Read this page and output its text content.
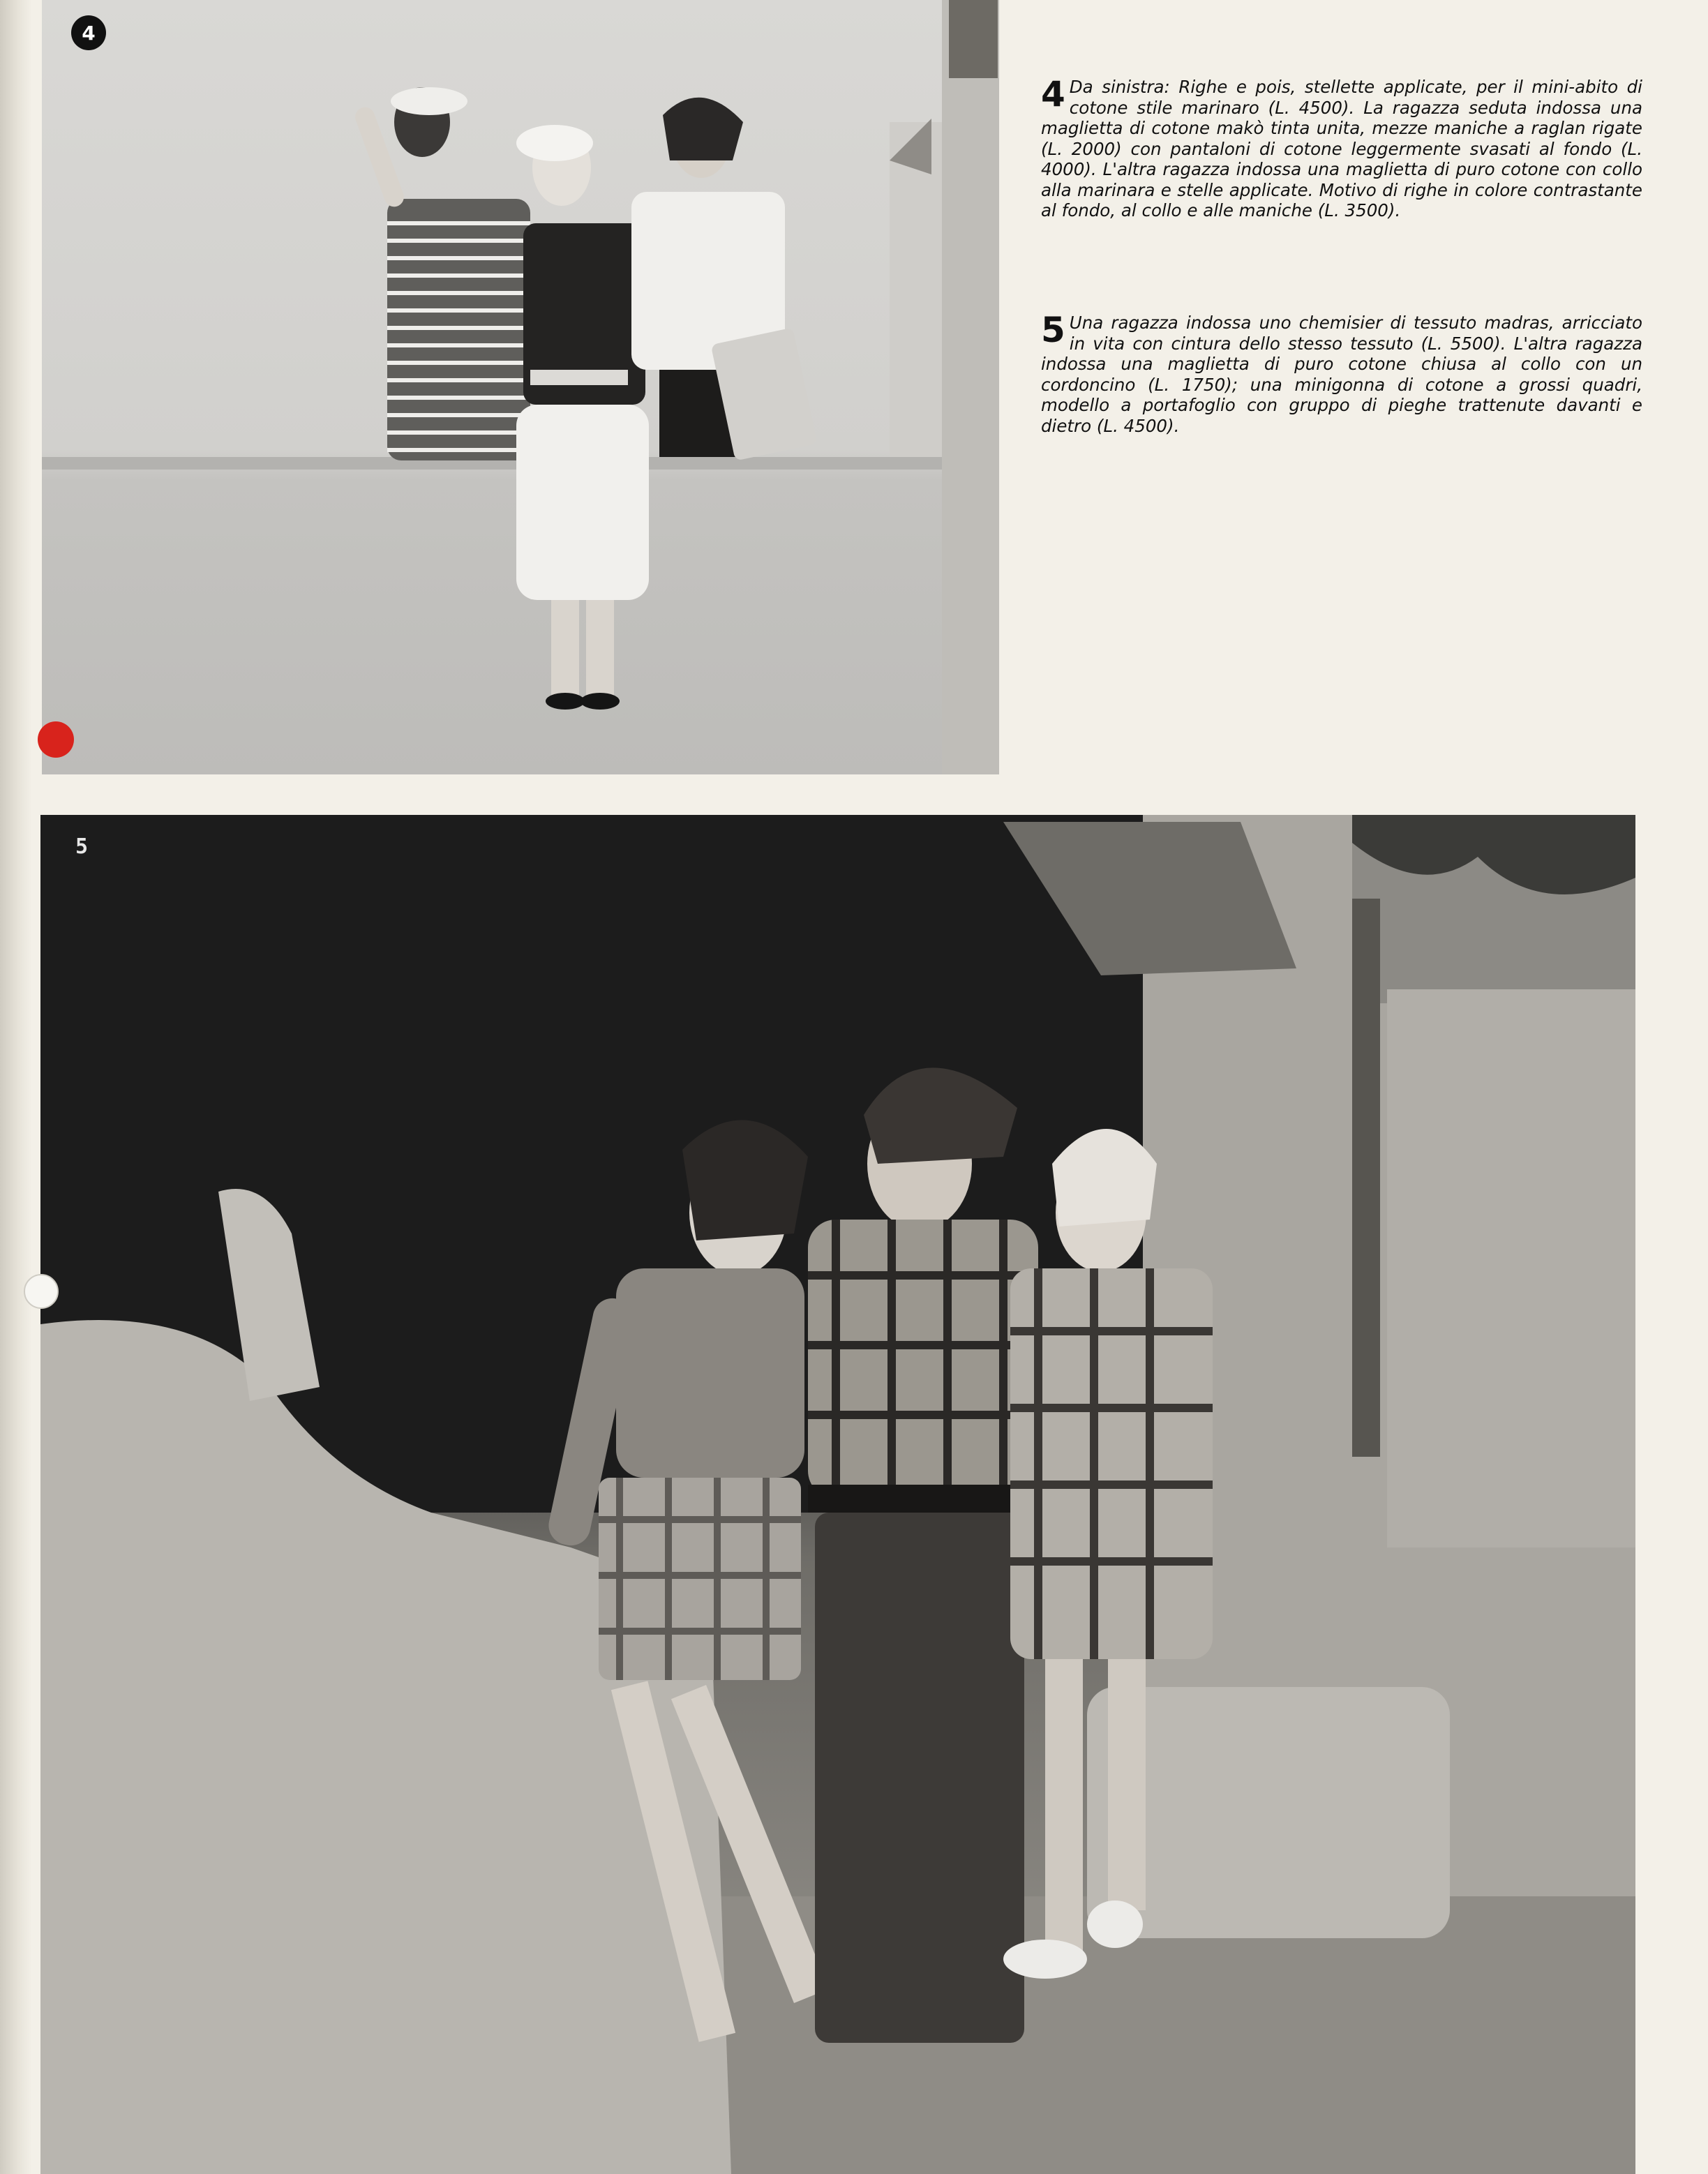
4

4 Da sinistra: Righe e pois, stellette applicate, per il mini-abito di cotone stile marinaro (L. 4500). La ragazza seduta indossa una maglietta di cotone makò tinta unita, mezze maniche a raglan rigate (L. 2000) con pantaloni di cotone leggermente svasati al fondo (L. 4000). L'altra ragazza indossa una maglietta di puro cotone con collo alla marinara e stelle applicate. Motivo di righe in colore contrastante al fondo, al collo e alle maniche (L. 3500).

5 Una ragazza indossa uno chemisier di tessuto madras, arricciato in vita con cintura dello stesso tessuto (L. 5500). L'altra ragazza indossa una maglietta di puro cotone chiusa al collo con un cordoncino (L. 1750); una minigonna di cotone a grossi quadri, modello a portafoglio con gruppo di pieghe trattenute davanti e dietro (L. 4500).

5
